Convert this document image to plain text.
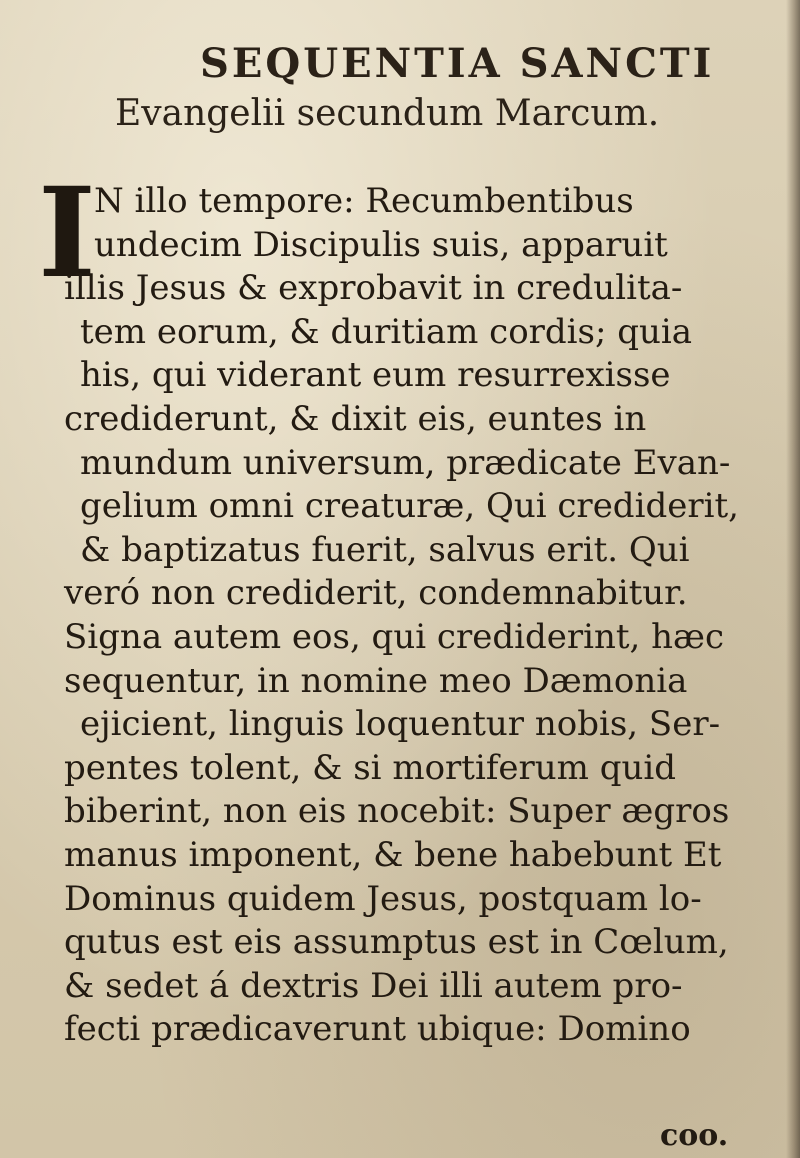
SEQUENTIA SANCTI
Evangelii secundum Marcum.
I
N illo tempore: Recumbentibus
undecim Discipulis suis, apparuit
illis Jesus & exprobavit in credulita-
tem eorum, & duritiam cordis; quia
his, qui viderant eum resurrexisse
crediderunt, & dixit eis, euntes in
mundum universum, prædicate Evan-
gelium omni creaturæ, Qui crediderit,
& baptizatus fuerit, salvus erit. Qui
veró non crediderit, condemnabitur.
Signa autem eos, qui crediderint, hæc
sequentur, in nomine meo Dæmonia
ejicient, linguis loquentur nobis, Ser-
pentes tolent, & si mortiferum quid
biberint, non eis nocebit: Super ægros
manus imponent, & bene habebunt Et
Dominus quidem Jesus, postquam lo-
qutus est eis assumptus est in Cœlum,
& sedet á dextris Dei illi autem pro-
fecti prædicaverunt ubique: Domino
coo.
